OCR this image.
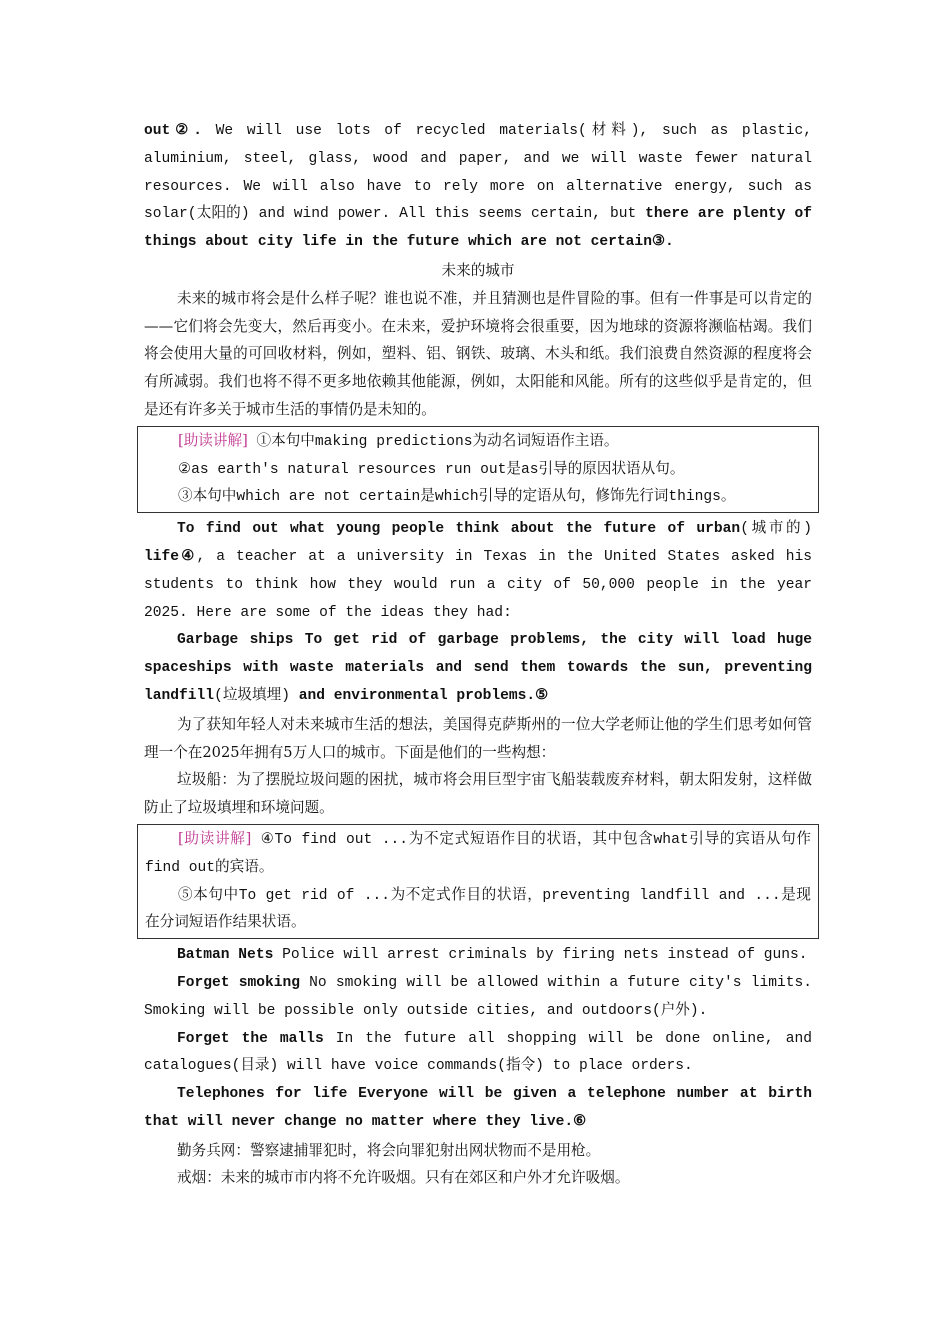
out②. We will use lots of recycled materials(材料), such as plastic, aluminium, steel, glass, wood and paper, and we will waste fewer natural resources. We will also have to rely more on alternative energy, such as solar(太阳的) and wind power. All this seems certain, but there are plenty of things about city life in the future which are not certain③.

未来的城市

未来的城市将会是什么样子呢？谁也说不准，并且猜测也是件冒险的事。但有一件事是可以肯定的——它们将会先变大，然后再变小。在未来，爱护环境将会很重要，因为地球的资源将濒临枯竭。我们将会使用大量的可回收材料，例如，塑料、铝、钢铁、玻璃、木头和纸。我们浪费自然资源的程度将会有所减弱。我们也将不得不更多地依赖其他能源，例如，太阳能和风能。所有的这些似乎是肯定的，但是还有许多关于城市生活的事情仍是未知的。

[助读讲解] ①本句中making predictions为动名词短语作主语。

②as earth's natural resources run out是as引导的原因状语从句。

③本句中which are not certain是which引导的定语从句，修饰先行词things。

To find out what young people think about the future of urban(城市的) life④, a teacher at a university in Texas in the United States asked his students to think how they would run a city of 50,000 people in the year 2025. Here are some of the ideas they had:

Garbage ships To get rid of garbage problems, the city will load huge spaceships with waste materials and send them towards the sun, preventing landfill(垃圾填埋) and environmental problems.⑤

为了获知年轻人对未来城市生活的想法，美国得克萨斯州的一位大学老师让他的学生们思考如何管理一个在2025年拥有5万人口的城市。下面是他们的一些构想：

垃圾船：为了摆脱垃圾问题的困扰，城市将会用巨型宇宙飞船装载废弃材料，朝太阳发射，这样做防止了垃圾填埋和环境问题。

[助读讲解] ④To find out ...为不定式短语作目的状语，其中包含what引导的宾语从句作find out的宾语。

⑤本句中To get rid of ...为不定式作目的状语，preventing landfill and ...是现在分词短语作结果状语。

Batman Nets Police will arrest criminals by firing nets instead of guns.

Forget smoking No smoking will be allowed within a future city's limits. Smoking will be possible only outside cities, and outdoors(户外).

Forget the malls In the future all shopping will be done online, and catalogues(目录) will have voice commands(指令) to place orders.

Telephones for life Everyone will be given a telephone number at birth that will never change no matter where they live.⑥

勤务兵网：警察逮捕罪犯时，将会向罪犯射出网状物而不是用枪。

戒烟：未来的城市市内将不允许吸烟。只有在郊区和户外才允许吸烟。
